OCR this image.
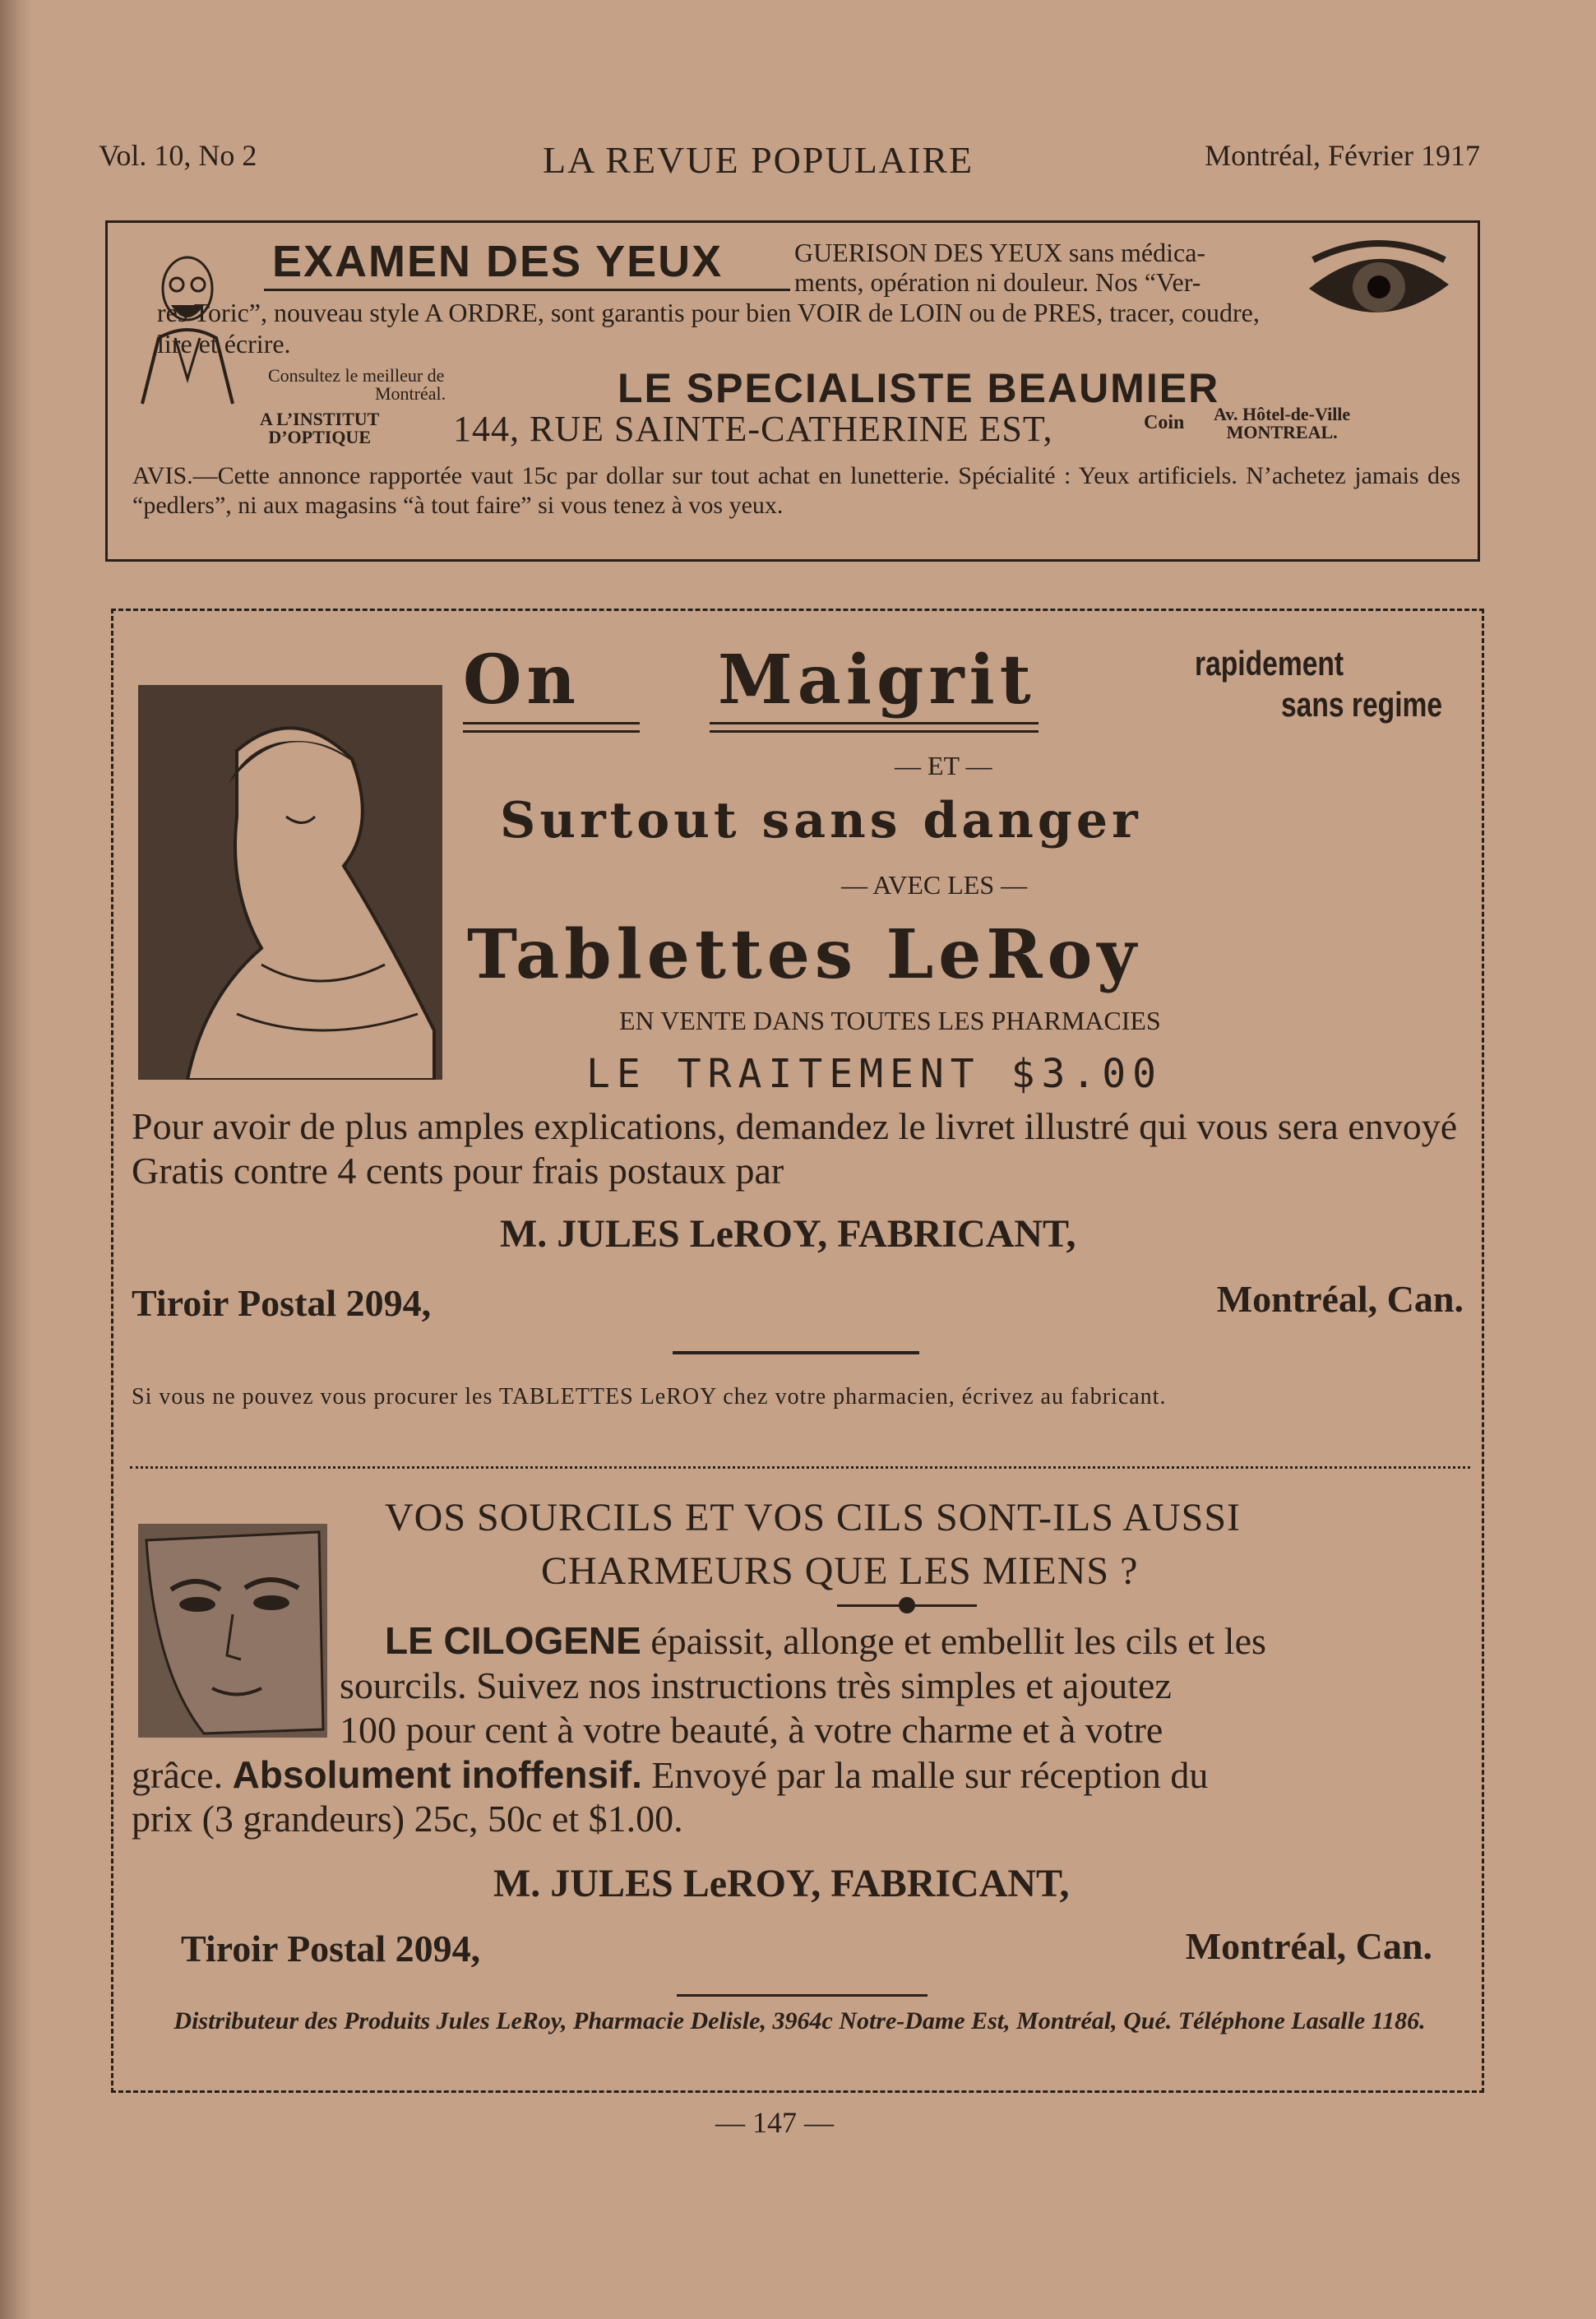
Vol. 10, No 2	LA REVUE POPULAIRE	Montréal, Février 1917
EXAMEN DES YEUX	GUERISON DES YEUX sans médica-
ments, opération ni douleur. Nos “Ver-
res Toric”, nouveau style A ORDRE, sont garantis pour bien VOIR de LOIN ou de PRES, tracer, coudre, lire et écrire.
Consultez le meilleur de
Montréal.	LE SPECIALISTE BEAUMIER
A L’INSTITUT
D’OPTIQUE 144, RUE SAINTE-CATHERINE EST,	Coin Av. Hôtel-de-Ville
MONTREAL.
AVIS.—Cette annonce rapportée vaut 15c par dollar sur tout achat en lunetterie. Spécialité : Yeux artificiels. N’achetez jamais des “pedlers”, ni aux magasins “à tout faire” si vous tenez à vos yeux.
On Maigrit	rapidement
sans regime
— ET —
Surtout sans danger
— AVEC LES —
Tablettes LeRoy
EN VENTE DANS TOUTES LES PHARMACIES
LE TRAITEMENT $3.00
Pour avoir de plus amples explications, demandez le livret illustré qui vous sera envoyé Gratis contre 4 cents pour frais postaux par
M. JULES LeROY, FABRICANT,
Tiroir Postal 2094,	Montréal, Can.
Si vous ne pouvez vous procurer les TABLETTES LeROY chez votre pharmacien, écrivez au fabricant.
VOS SOURCILS ET VOS CILS SONT-ILS AUSSI
CHARMEURS QUE LES MIENS ?
LE CILOGENE épaissit, allonge et embellit les cils et les
sourcils. Suivez nos instructions très simples et ajoutez
100 pour cent à votre beauté, à votre charme et à votre
grâce. Absolument inoffensif. Envoyé par la malle sur réception du
prix (3 grandeurs) 25c, 50c et $1.00.
M. JULES LeROY, FABRICANT,
Tiroir Postal 2094,	Montréal, Can.
Distributeur des Produits Jules LeRoy, Pharmacie Delisle, 3964c Notre-Dame Est, Montréal, Qué. Téléphone Lasalle 1186.
— 147 —
